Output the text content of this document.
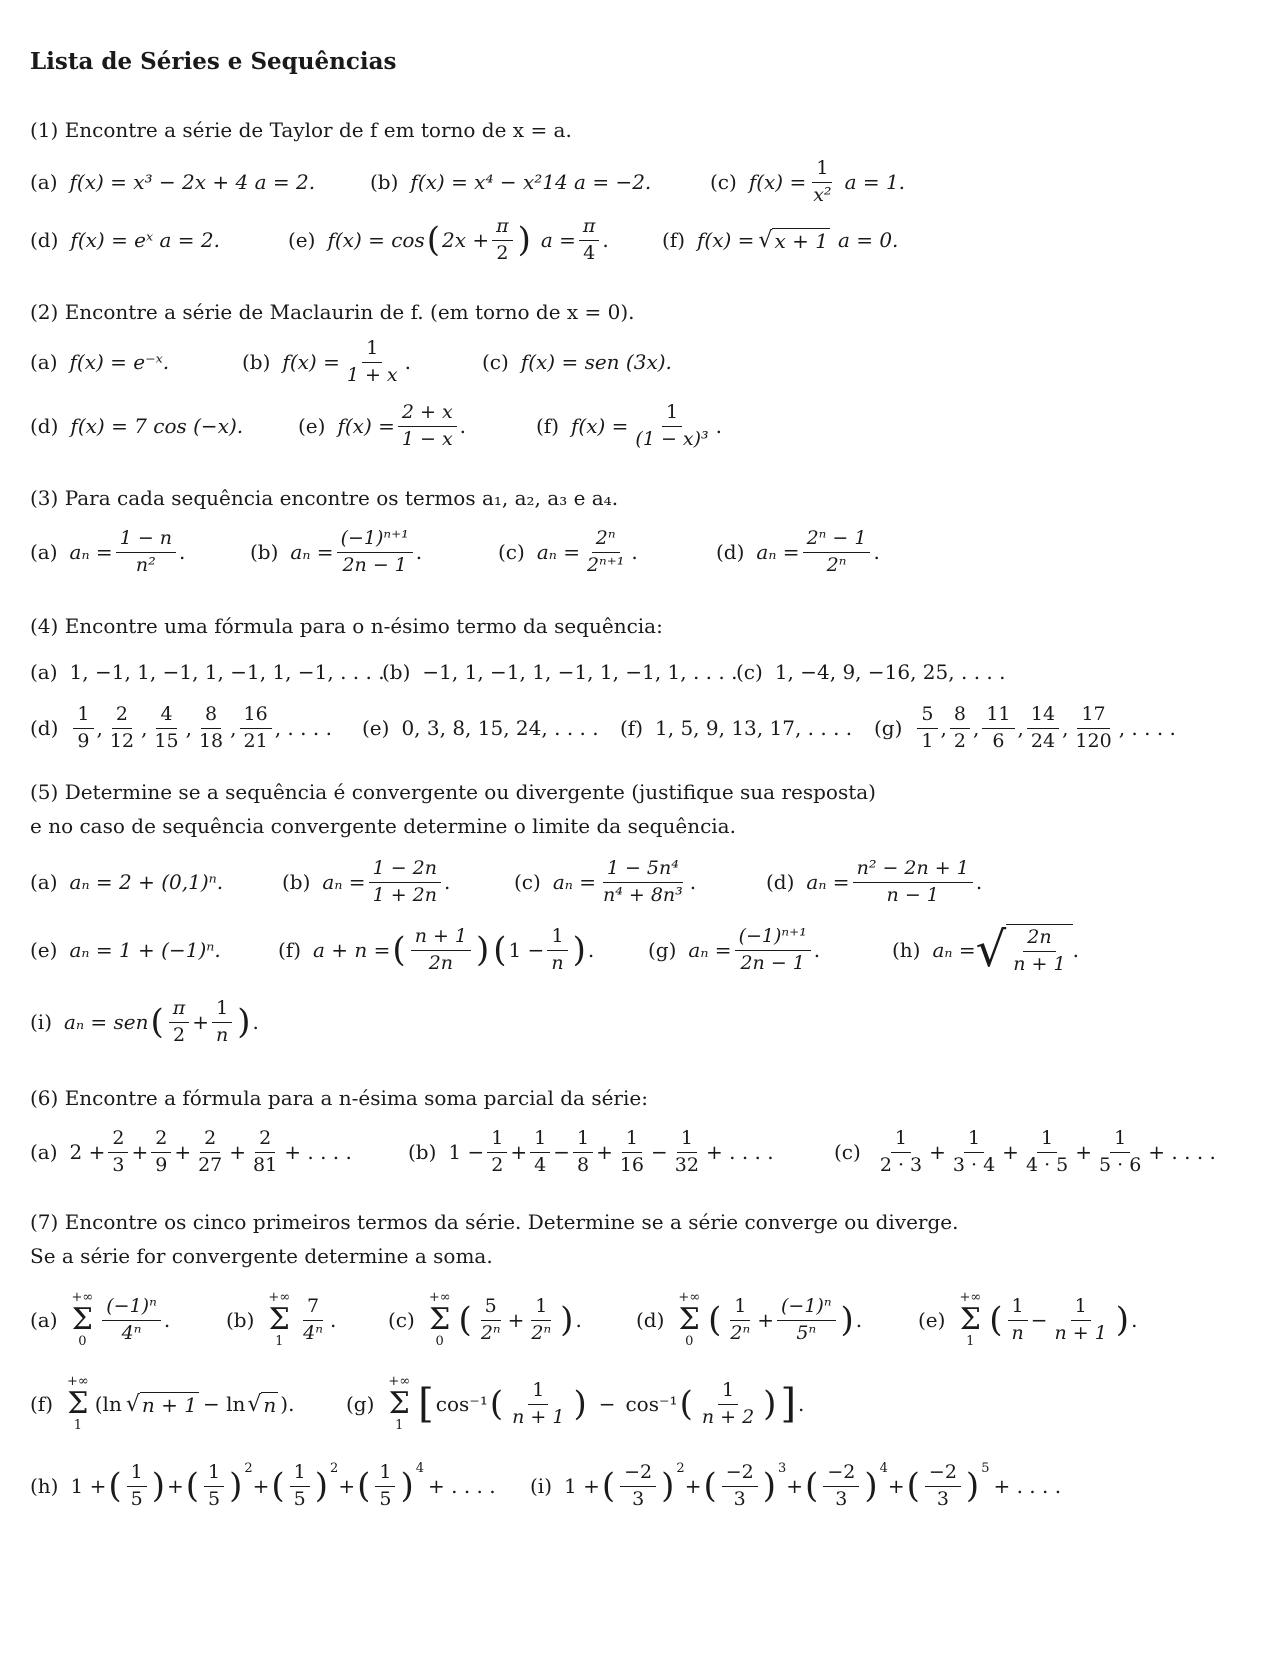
Lista de Séries e Sequências
(1) Encontre a série de Taylor de f em torno de x = a.
(a) f(x) = x³ − 2x + 4 a = 2.	(b) f(x) = x⁴ − x²14 a = −2.	(c) $f(x) = \frac{1}{\text{x²}}$ a = 1.
(d) f(x) = eˣ a = 2.	(e) f(x) = cos ( $2x + \frac{\pi}{2}$ ) $a = \frac{\pi}{4}$ .	(f) f(x) = √ x + 1 a = 0.
(2) Encontre a série de Maclaurin de f. (em torno de x = 0).
(a) f(x) = e⁻ˣ.	(b) $f(x) = \frac{1}{1 + x}$ .	(c) f(x) = sen (3x).
(d) f(x) = 7 cos (−x).	(e) $f(x) = \frac{2 + x}{1 - x}$ .	(f) $f(x) = \frac{1}{\text{(1 − x)³}}$ .
(3) Para cada sequência encontre os termos a₁, a₂, a₃ e a₄.
(a) $a_n = \frac{1 - n}{\text{n²}}$ .	(b) $a_n = \frac{\text{(−1)ⁿ⁺¹}}{2n - 1}$ .	(c) $a_n = \frac{\text{2ⁿ}}{\text{2ⁿ⁺¹}}$ .	(d) $a_n = \frac{\text{2ⁿ − 1}}{\text{2ⁿ}}$ .
(4) Encontre uma fórmula para o n-ésimo termo da sequência:
(a) 1, −1, 1, −1, 1, −1, 1, −1, . . . .
(b) −1, 1, −1, 1, −1, 1, −1, 1, . . . .
(c) 1, −4, 9, −16, 25, . . . .
$(d) \frac{1}{9}$ , $\frac{2}{12}$ , $\frac{4}{15}$ , $\frac{8}{18}$ , $\frac{16}{21}$ , . . . . (e) 0, 3, 8, 15, 24, . . . . (f) 1, 5, 9, 13, 17, . . . . $(g) \frac{5}{1}$ , $\frac{8}{2}$ , $\frac{11}{6}$ , $\frac{14}{24}$ , $\frac{17}{120}$ , . . . .
(5) Determine se a sequência é convergente ou divergente (justifique sua resposta)
e no caso de sequência convergente determine o limite da sequência.
(a) aₙ = 2 + (0,1)ⁿ.	(b) $a_n = \frac{1 - 2n}{1 + 2n}$ .	(c) $a_n = \frac{\text{1 − 5n⁴}}{\text{n⁴ + 8n³}}$ .	(d) $a_n = \frac{\text{n² − 2n + 1}}{n - 1}$ .
(e) aₙ = 1 + (−1)ⁿ.	(f) a + n = ( $\frac{n + 1}{2n}$ ) ( $1 - \frac{1}{n}$ ) .	(g) $a_n = \frac{\text{(−1)ⁿ⁺¹}}{2n - 1}$ .	(h) aₙ = √ $\frac{2n}{n + 1}$ .
(i) aₙ = sen ( $\frac{\pi}{2} + \frac{1}{n}$ ) .
(6) Encontre a fórmula para a n-ésima soma parcial da série:
(a) $2 + \frac{2}{3} + \frac{2}{9} + \frac{2}{27} + \frac{2}{81}$ + . . . .	(b) $1 - \frac{1}{2} + \frac{1}{4} - \frac{1}{8} + \frac{1}{16} - \frac{1}{32}$ + . . . .	$(c) \frac{1}{2 \cdot 3} + \frac{1}{3 \cdot 4} + \frac{1}{4 \cdot 5} + \frac{1}{5 \cdot 6}$ + . . . .
(7) Encontre os cinco primeiros termos da série. Determine se a série converge ou diverge.
Se a série for convergente determine a soma.
(a)
+∞
Σ
$0 \frac{\text{(−1)ⁿ}}{\text{4ⁿ}}$ .	(b)
+∞
Σ
$1 \frac{7}{\text{4ⁿ}}$ .	(c)
+∞
Σ
0
( $\frac{5}{\text{2ⁿ}} + \frac{1}{\text{2ⁿ}}$ ) .	(d)
+∞
Σ
0
( $\frac{1}{\text{2ⁿ}} + \frac{\text{(−1)ⁿ}}{\text{5ⁿ}}$ ) .	(e)
+∞
Σ
1
( $\frac{1}{n} - \frac{1}{n + 1}$ ) .
(f)
+∞
Σ
1
(ln √ n + 1 − ln √ n ).	(g)
+∞
Σ
1 [ cos⁻¹ ( $\frac{1}{n + 1}$ ) − cos⁻¹ ( $\frac{1}{n + 2}$ ) ] .
(h) 1 + ( $\frac{1}{5}$ ) + ( $\frac{1}{5}$ ) 2
+ ( $\frac{1}{5}$ ) 2
+ ( $\frac{1}{5}$ ) 4
+ . . . . (i) 1 + ( $\frac{-2}{3}$ ) 2
+ ( $\frac{-2}{3}$ ) 3
+ ( $\frac{-2}{3}$ ) 4
+ ( $\frac{-2}{3}$ ) 5
+ . . . .
